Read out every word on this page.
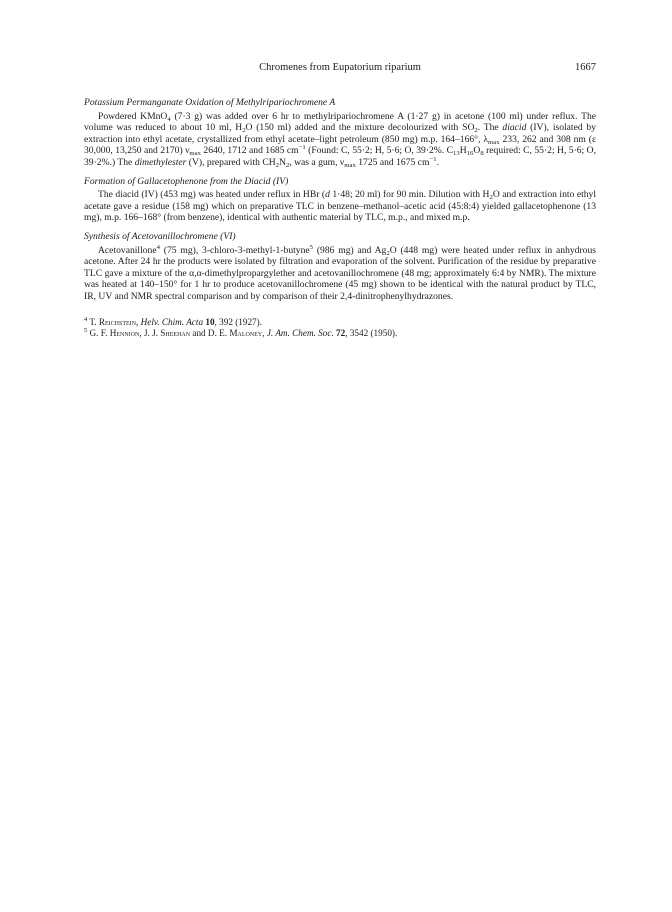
Chromenes from Eupatorium riparium	1667
Potassium Permanganate Oxidation of Methylripariochromene A

Powdered KMnO$_4$ (7·3 g) was added over 6 hr to methylripariochromene A (1·27 g) in acetone (100 ml) under reflux. The volume was reduced to about 10 ml, $H_2O$ (150 ml) added and the mixture decolourized with $SO_2$. The diacid (IV), isolated by extraction into ethyl acetate, crystallized from ethyl acetate–light petroleum (850 mg) m.p. 164–166°, $\lambda_{max}$ 233, 262 and 308 nm (ε 30,000, 13,250 and 2170) $\nu_{max}$ 2640, 1712 and 1685 $cm^{-1}$ (Found: C, 55·2; H, 5·6; O, 39·2%. $C_{13}H_{16}O_8$ required: C, 55·2; H, 5·6; O, 39·2%.) The dimethylester (V), prepared with $CH_2N_2$, was a gum, $\nu_{max}$ 1725 and 1675 $cm^{-1}$.

Formation of Gallacetophenone from the Diacid (IV)

The diacid (IV) (453 mg) was heated under reflux in HBr (d 1·48; 20 ml) for 90 min. Dilution with $H_2O$ and extraction into ethyl acetate gave a residue (158 mg) which on preparative TLC in benzene–methanol–acetic acid (45:8:4) yielded gallacetophenone (13 mg), m.p. 166–168° (from benzene), identical with authentic material by TLC, m.p., and mixed m.p.

Synthesis of Acetovanillochromene (VI)

Acetovanillone$^4$ (75 mg), 3-chloro-3-methyl-1-butyne$^5$ (986 mg) and $Ag_2O$ (448 mg) were heated under reflux in anhydrous acetone. After 24 hr the products were isolated by filtration and evaporation of the solvent. Purification of the residue by preparative TLC gave a mixture of the α,α-dimethylpropargylether and acetovanillochromene (48 mg; approximately 6:4 by NMR). The mixture was heated at 140–150° for 1 hr to produce acetovanillochromene (45 mg) shown to be identical with the natural product by TLC, IR, UV and NMR spectral comparison and by comparison of their 2,4-dinitrophenylhydrazones.

$^4$ T. Reichstein, Helv. Chim. Acta 10, 392 (1927).

$^5$ G. F. Hennion, J. J. Sheehan and D. E. Maloney, J. Am. Chem. Soc. 72, 3542 (1950).
